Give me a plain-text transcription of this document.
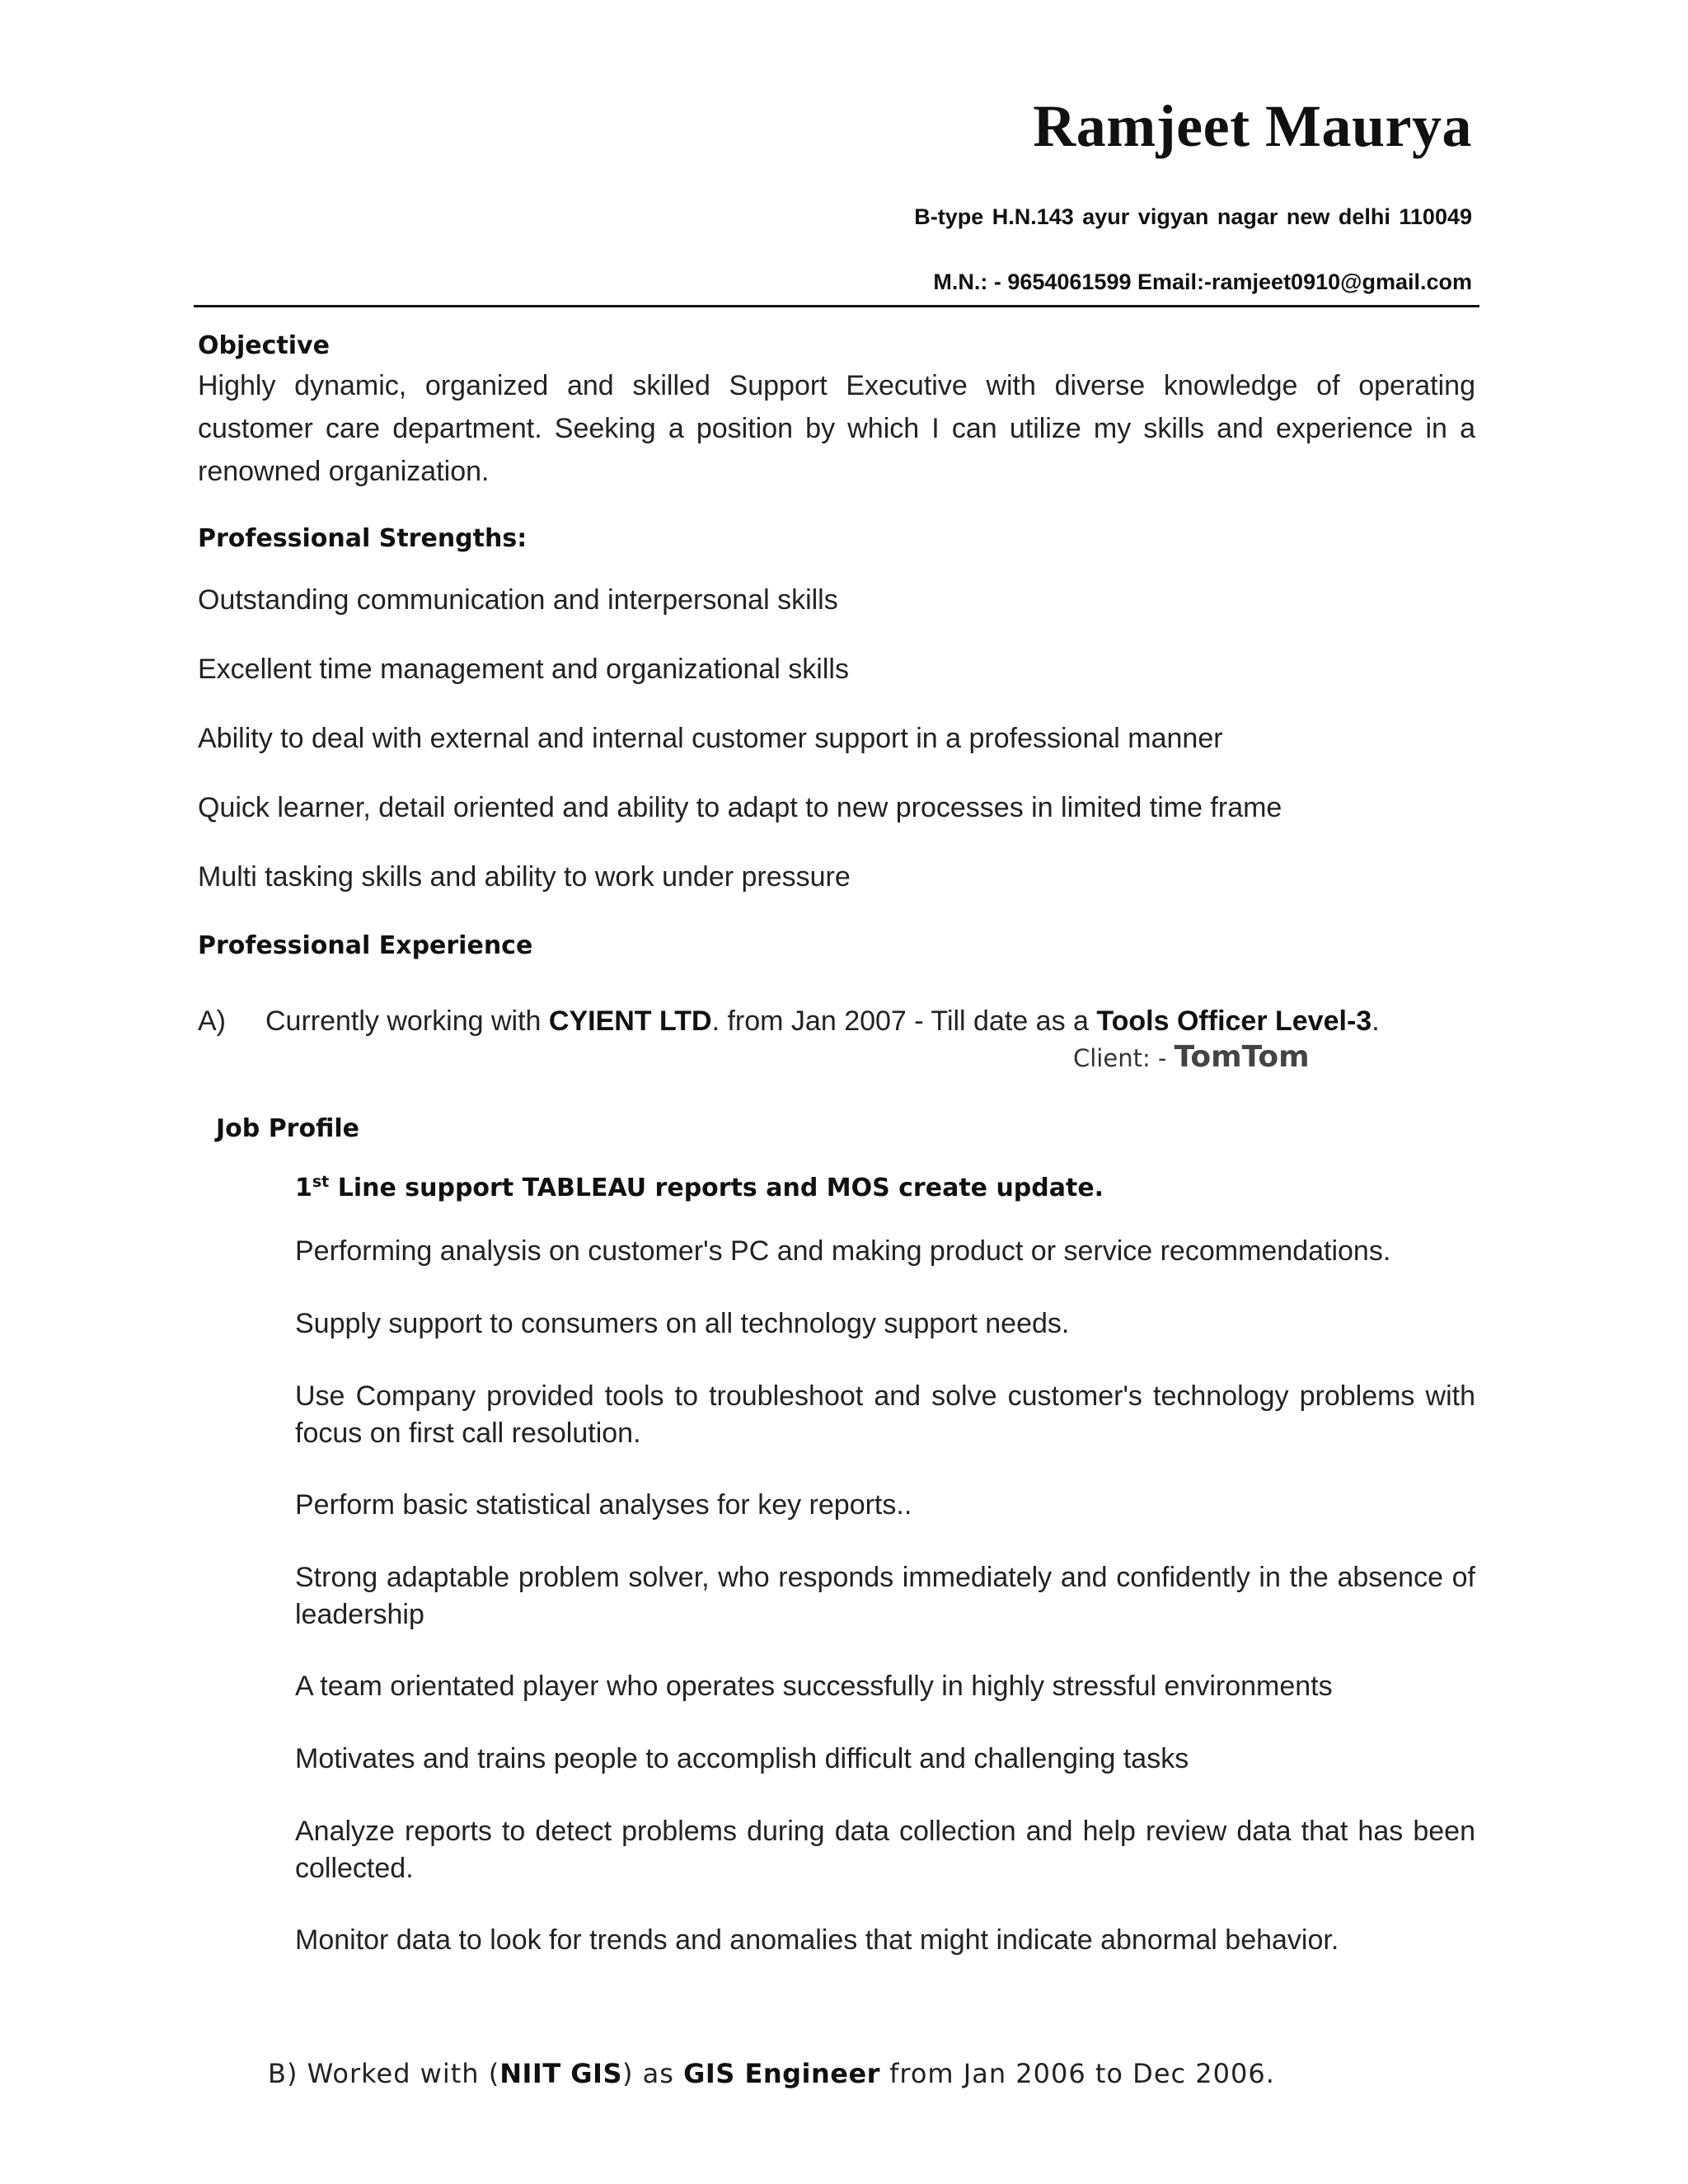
Ramjeet Maurya
B-type H.N.143 ayur vigyan nagar new delhi 110049
M.N.: - 9654061599 Email:-ramjeet0910@gmail.com
Objective
Highly dynamic, organized and skilled Support Executive with diverse knowledge of operating customer care department. Seeking a position by which I can utilize my skills and experience in a renowned organization.
Professional Strengths:
Outstanding communication and interpersonal skills
Excellent time management and organizational skills
Ability to deal with external and internal customer support in a professional manner
Quick learner, detail oriented and ability to adapt to new processes in limited time frame
Multi tasking skills and ability to work under pressure
Professional Experience
A) Currently working with CYIENT LTD. from Jan 2007 - Till date as a Tools Officer Level-3.
Client: - TomTom
Job Profile
1st Line support TABLEAU reports and MOS create update.
Performing analysis on customer's PC and making product or service recommendations.
Supply support to consumers on all technology support needs.
Use Company provided tools to troubleshoot and solve customer's technology problems with focus on first call resolution.
Perform basic statistical analyses for key reports..
Strong adaptable problem solver, who responds immediately and confidently in the absence of leadership
A team orientated player who operates successfully in highly stressful environments
Motivates and trains people to accomplish difficult and challenging tasks
Analyze reports to detect problems during data collection and help review data that has been collected.
Monitor data to look for trends and anomalies that might indicate abnormal behavior.
B) Worked with (NIIT GIS) as GIS Engineer from Jan 2006 to Dec 2006.
